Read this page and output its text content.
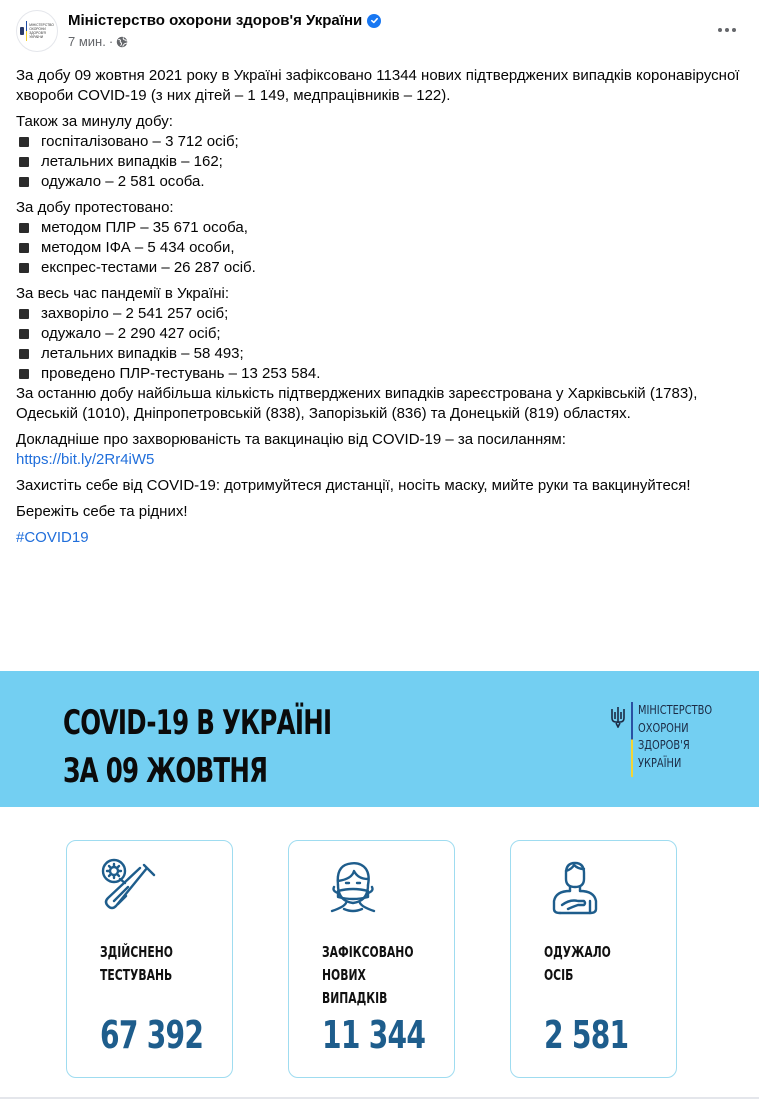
МІНІСТЕРСТВО
ОХОРОНИ
ЗДОРОВ'Я
УКРАЇНИ
Міністерство охорони здоров'я України
7 мин. ·
За добу 09 жовтня 2021 року в Україні зафіксовано 11344 нових підтверджених випадків коронавірусної хвороби COVID-19 (з них дітей – 1 149, медпрацівників – 122).
Також за минулу добу:
госпіталізовано – 3 712 осіб;
летальних випадків – 162;
одужало – 2 581 особа.
За добу протестовано:
методом ПЛР – 35 671 особа,
методом ІФА – 5 434 особи,
експрес-тестами – 26 287 осіб.
За весь час пандемії в Україні:
захворіло – 2 541 257 осіб;
одужало – 2 290 427 осіб;
летальних випадків – 58 493;
проведено ПЛР-тестувань – 13 253 584.
За останню добу найбільша кількість підтверджених випадків зареєстрована у Харківській (1783), Одеській (1010), Дніпропетровській (838), Запорізькій (836) та Донецькій (819) областях.
Докладніше про захворюваність та вакцинацію від COVID-19 – за посиланням:
https://bit.ly/2Rr4iW5
Захистіть себе від COVID-19: дотримуйтеся дистанції, носіть маску, мийте руки та вакцинуйтеся!
Бережіть себе та рідних!
#COVID19
COVID-19 В УКРАЇНІ
ЗА 09 ЖОВТНЯ
МІНІСТЕРСТВО
ОХОРОНИ
ЗДОРОВ'Я
УКРАЇНИ
ЗДІЙСНЕНО
ТЕСТУВАНЬ
67 392
ЗАФІКСОВАНО
НОВИХ
ВИПАДКІВ
11 344
ОДУЖАЛО
ОСІБ
2 581
